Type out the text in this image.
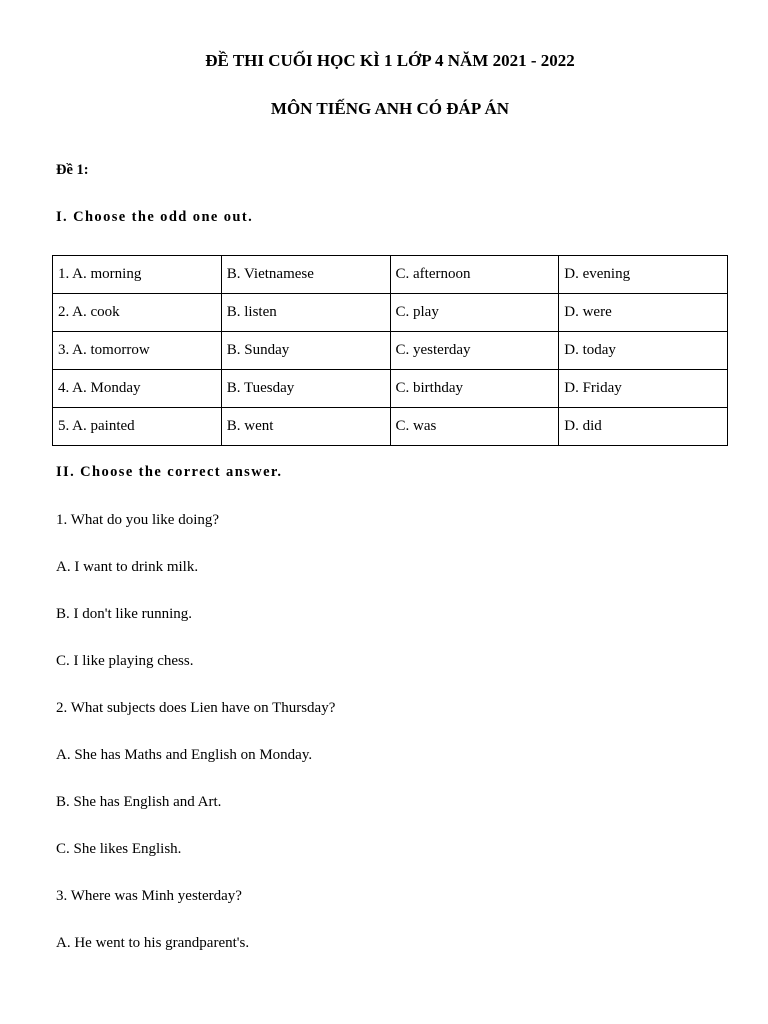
ĐỀ THI CUỐI HỌC KÌ 1 LỚP 4 NĂM 2021 - 2022
MÔN TIẾNG ANH CÓ ĐÁP ÁN

Đề 1:

I. Choose the odd one out.

1. A. morning	B. Vietnamese	C. afternoon	D. evening
2. A. cook	B. listen	C. play	D. were
3. A. tomorrow	B. Sunday	C. yesterday	D. today
4. A. Monday	B. Tuesday	C. birthday	D. Friday
5. A. painted	B. went	C. was	D. did

II. Choose the correct answer.

1. What do you like doing?

A. I want to drink milk.

B. I don't like running.

C. I like playing chess.

2. What subjects does Lien have on Thursday?

A. She has Maths and English on Monday.

B. She has English and Art.

C. She likes English.

3. Where was Minh yesterday?

A. He went to his grandparent's.
